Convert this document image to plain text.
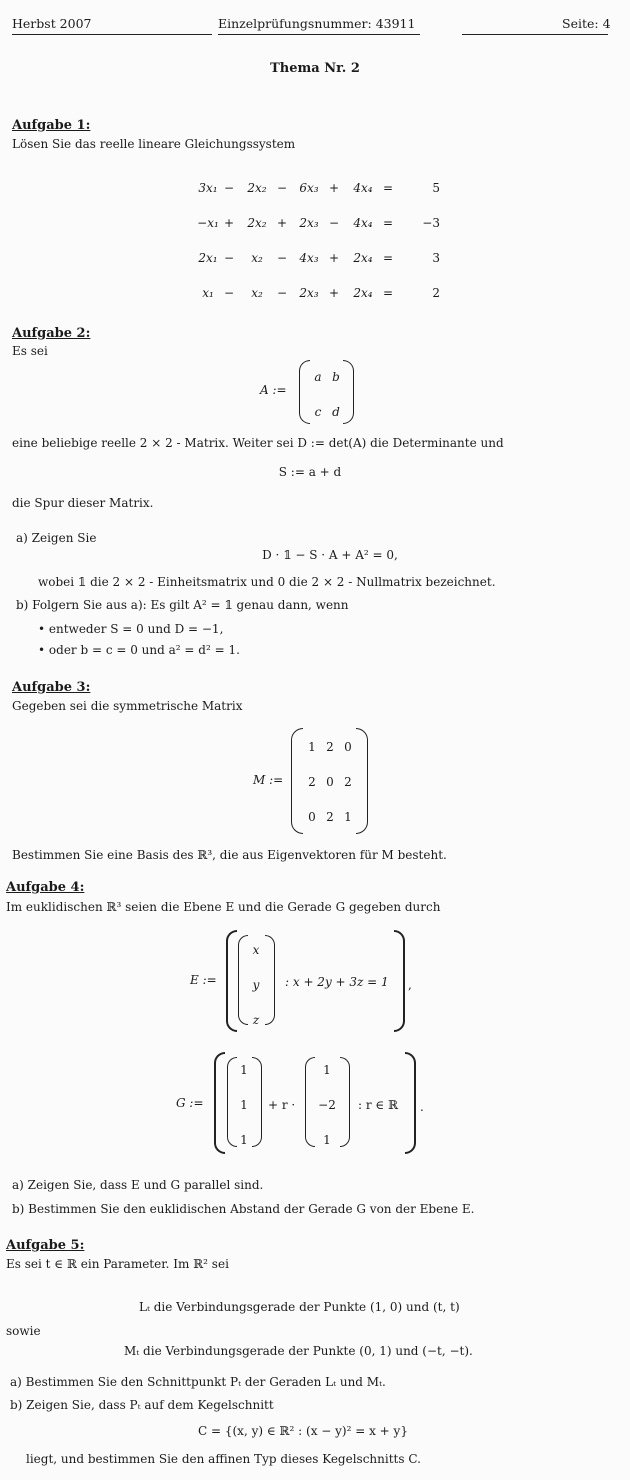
Herbst 2007	Einzelprüfungsnummer: 43911	Seite: 4
Thema Nr. 2
Aufgabe 1:
Lösen Sie das reelle lineare Gleichungssystem
3x₁ −	2x₂ −	6x₃ +	4x₄ =	5
−x₁ +	2x₂ +	2x₃ −	4x₄ =	−3
2x₁ −	x₂	−	4x₃ +	2x₄ =	3
x₁ −	x₂	−	2x₃ +	2x₄ =	2
Aufgabe 2:
Es sei
A :=
a b
c d
eine beliebige reelle 2 × 2 - Matrix. Weiter sei D := det(A) die Determinante und
S := a + d
die Spur dieser Matrix.
a) Zeigen Sie
D · 𝟙 − S · A + A² = 0,
wobei 𝟙 die 2 × 2 - Einheitsmatrix und 0 die 2 × 2 - Nullmatrix bezeichnet.
b) Folgern Sie aus a): Es gilt A² = 𝟙 genau dann, wenn
• entweder S = 0 und D = −1,
• oder b = c = 0 und a² = d² = 1.
Aufgabe 3:
Gegeben sei die symmetrische Matrix
M :=
1 2 0
2 0 2
0 2 1
Bestimmen Sie eine Basis des ℝ³, die aus Eigenvektoren für M besteht.
Aufgabe 4:
Im euklidischen ℝ³ seien die Ebene E und die Gerade G gegeben durch
E :=
x
y
z
: x + 2y + 3z = 1 ,
G :=
1
1
1
+ r ·
1
−2
1
: r ∈ ℝ .
a) Zeigen Sie, dass E und G parallel sind.
b) Bestimmen Sie den euklidischen Abstand der Gerade G von der Ebene E.
Aufgabe 5:
Es sei t ∈ ℝ ein Parameter. Im ℝ² sei
Lₜ die Verbindungsgerade der Punkte (1, 0) und (t, t)
sowie
Mₜ die Verbindungsgerade der Punkte (0, 1) und (−t, −t).
a) Bestimmen Sie den Schnittpunkt Pₜ der Geraden Lₜ und Mₜ.
b) Zeigen Sie, dass Pₜ auf dem Kegelschnitt
C = {(x, y) ∈ ℝ² : (x − y)² = x + y}
liegt, und bestimmen Sie den affinen Typ dieses Kegelschnitts C.
